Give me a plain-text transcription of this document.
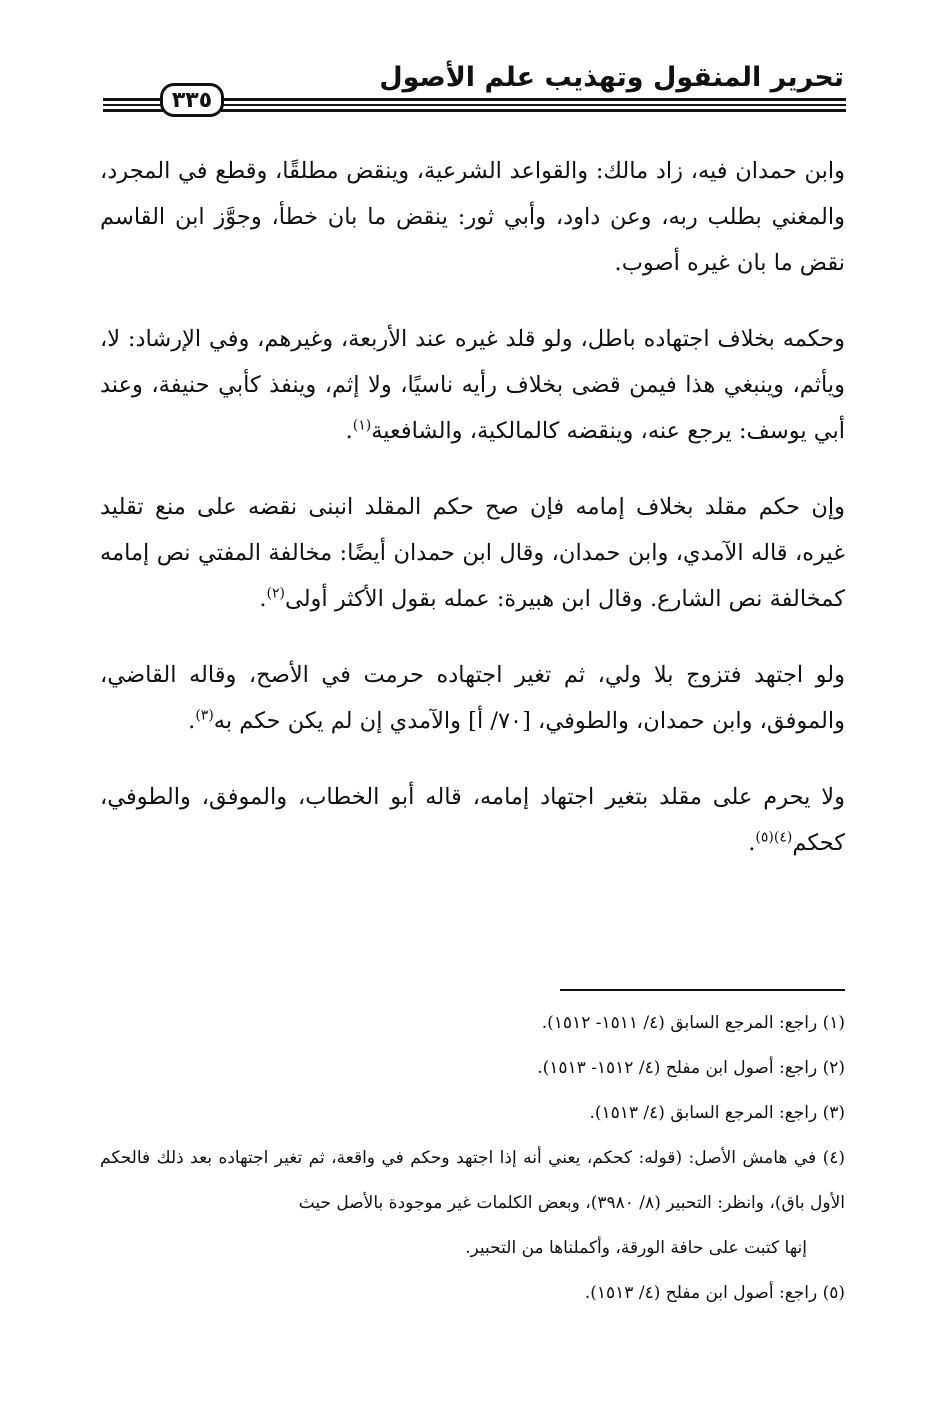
تحرير المنقول وتهذيب علم الأصول
٣٣٥

وابن حمدان فيه، زاد مالك: والقواعد الشرعية، وينقض مطلقًا، وقطع في المجرد، والمغني بطلب ربه، وعن داود، وأبي ثور: ينقض ما بان خطأ، وجوَّز ابن القاسم نقض ما بان غيره أصوب.

وحكمه بخلاف اجتهاده باطل، ولو قلد غيره عند الأربعة، وغيرهم، وفي الإرشاد: لا، ويأثم، وينبغي هذا فيمن قضى بخلاف رأيه ناسيًا، ولا إثم، وينفذ كأبي حنيفة، وعند أبي يوسف: يرجع عنه، وينقضه كالمالكية، والشافعية$^{(١)}$.

وإن حكم مقلد بخلاف إمامه فإن صح حكم المقلد انبنى نقضه على منع تقليد غيره، قاله الآمدي، وابن حمدان، وقال ابن حمدان أيضًا: مخالفة المفتي نص إمامه كمخالفة نص الشارع. وقال ابن هبيرة: عمله بقول الأكثر أولى$^{(٢)}$.

ولو اجتهد فتزوج بلا ولي، ثم تغير اجتهاده حرمت في الأصح، وقاله القاضي، والموفق، وابن حمدان، والطوفي، [٧٠/ أ] والآمدي إن لم يكن حكم به$^{(٣)}$.

ولا يحرم على مقلد بتغير اجتهاد إمامه، قاله أبو الخطاب، والموفق، والطوفي، كحكم$^{(٤)(٥)}$.

(١) راجع: المرجع السابق (٤/ ١٥١١- ١٥١٢).

(٢) راجع: أصول ابن مفلح (٤/ ١٥١٢- ١٥١٣).

(٣) راجع: المرجع السابق (٤/ ١٥١٣).

(٤) في هامش الأصل: (قوله: كحكم، يعني أنه إذا اجتهد وحكم في واقعة، ثم تغير اجتهاده بعد ذلك فالحكم الأول باق)، وانظر: التحبير (٨/ ٣٩٨٠)، وبعض الكلمات غير موجودة بالأصل حيث

إنها كتبت على حافة الورقة، وأكملناها من التحبير.

(٥) راجع: أصول ابن مفلح (٤/ ١٥١٣).
